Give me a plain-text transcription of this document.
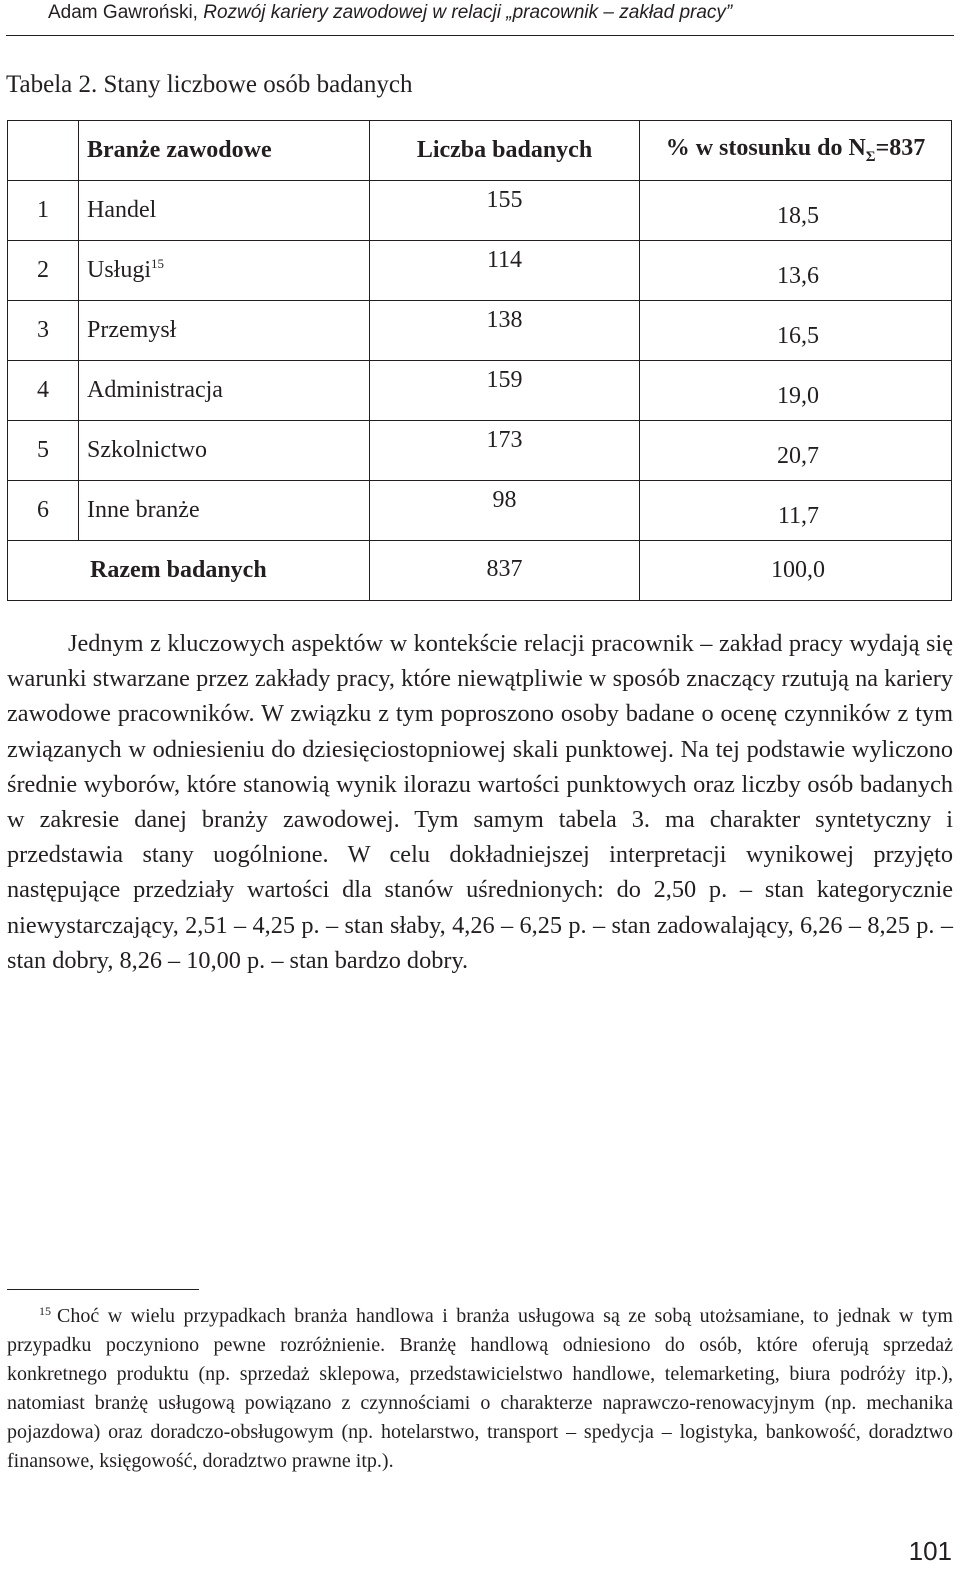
Adam Gawroński, Rozwój kariery zawodowej w relacji „pracownik – zakład pracy”
Tabela 2. Stany liczbowe osób badanych
	Branże zawodowe	Liczba badanych	% w stosunku do $N_\Sigma=837$
1	Handel	155	18,5
2	Usługi$^{15}$	114	13,6
3	Przemysł	138	16,5
4	Administracja	159	19,0
5	Szkolnictwo	173	20,7
6	Inne branże	98	11,7
Razem badanych		837	100,0

Jednym z kluczowych aspektów w kontekście relacji pracownik – zakład pracy wydają się warunki stwarzane przez zakłady pracy, które niewątpliwie w sposób znaczący rzutują na kariery zawodowe pracowników. W związku z tym poproszono osoby badane o ocenę czynników z tym związanych w odniesieniu do dziesięciostopniowej skali punktowej. Na tej podstawie wyliczono średnie wyborów, które stanowią wynik ilorazu wartości punktowych oraz liczby osób badanych w zakresie danej branży zawodowej. Tym samym tabela 3. ma charakter syntetyczny i przedstawia stany uogólnione. W celu dokładniejszej interpretacji wynikowej przyjęto następujące przedziały wartości dla stanów uśrednionych: do 2,50 p. – stan kategorycznie niewystarczający, 2,51 – 4,25 p. – stan słaby, 4,26 – 6,25 p. – stan zadowalający, 6,26 – 8,25 p. – stan dobry, 8,26 – 10,00 p. – stan bardzo dobry.

$^{15}$ Choć w wielu przypadkach branża handlowa i branża usługowa są ze sobą utożsamiane, to jednak w tym przypadku poczyniono pewne rozróżnienie. Branżę handlową odniesiono do osób, które oferują sprzedaż konkretnego produktu (np. sprzedaż sklepowa, przedstawicielstwo handlowe, telemarketing, biura podróży itp.), natomiast branżę usługową powiązano z czynnościami o charakterze naprawczo-renowacyjnym (np. mechanika pojazdowa) oraz doradczo-obsługowym (np. hotelarstwo, transport – spedycja – logistyka, bankowość, doradztwo finansowe, księgowość, doradztwo prawne itp.).

101
